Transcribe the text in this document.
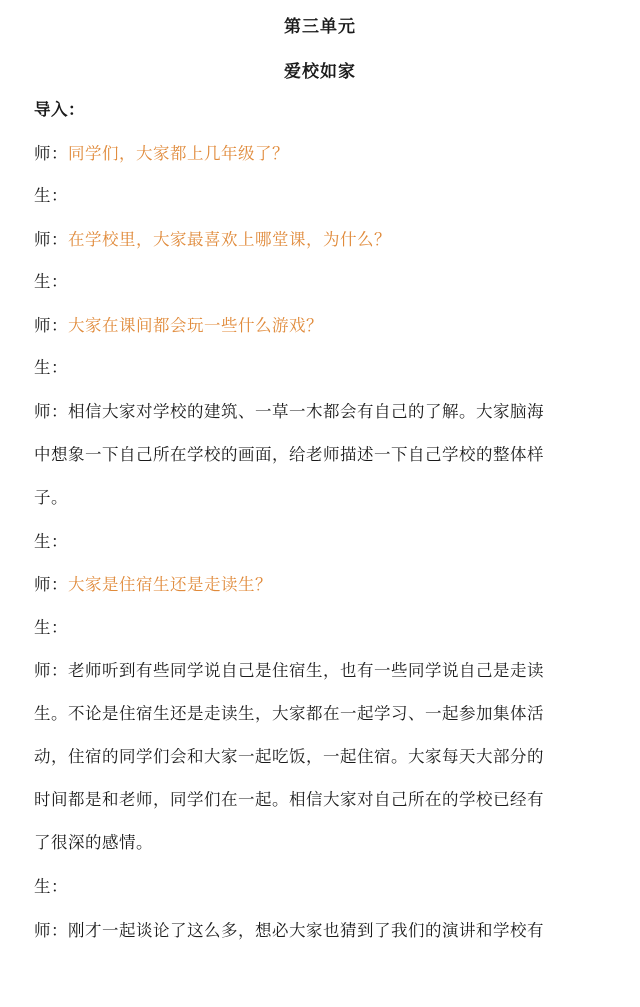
第三单元
爱校如家

导入：

师：同学们，大家都上几年级了？

生：

师：在学校里，大家最喜欢上哪堂课，为什么？

生：

师：大家在课间都会玩一些什么游戏？

生：

师：相信大家对学校的建筑、一草一木都会有自己的了解。大家脑海

中想象一下自己所在学校的画面，给老师描述一下自己学校的整体样

子。

生：

师：大家是住宿生还是走读生？

生：

师：老师听到有些同学说自己是住宿生，也有一些同学说自己是走读

生。不论是住宿生还是走读生，大家都在一起学习、一起参加集体活

动，住宿的同学们会和大家一起吃饭，一起住宿。大家每天大部分的

时间都是和老师，同学们在一起。相信大家对自己所在的学校已经有

了很深的感情。

生：

师：刚才一起谈论了这么多，想必大家也猜到了我们的演讲和学校有
